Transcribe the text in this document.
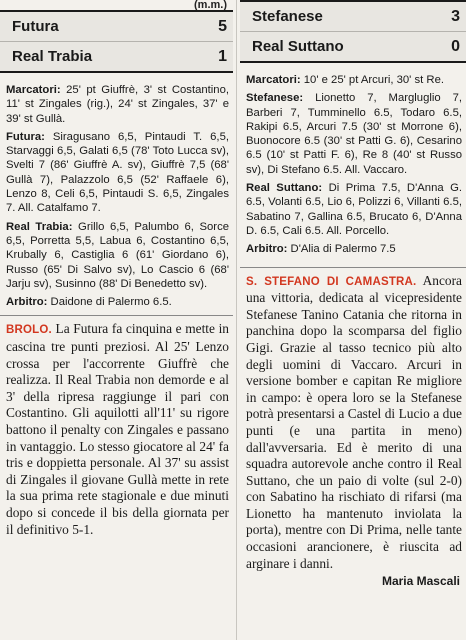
(m.m.)
Futura	5
Real Trabia	1

Marcatori: 25' pt Giuffrè, 3' st Costantino, 11' st Zingales (rig.), 24' st Zingales, 37' e 39' st Gullà.

Futura: Siragusano 6,5, Pintaudi T. 6,5, Starvaggi 6,5, Galati 6,5 (78' Toto Lucca sv), Svelti 7 (86' Giuffrè A. sv), Giuffrè 7,5 (68' Gullà 7), Palazzolo 6,5 (52' Raffaele 6), Lenzo 8, Celi 6,5, Pintaudi S. 6,5, Zingales 7. All. Catalfamo 7.

Real Trabia: Grillo 6,5, Palumbo 6, Sorce 6,5, Porretta 5,5, Labua 6, Costantino 6,5, Krubally 6, Castiglia 6 (61' Giordano 6), Russo (65' Di Salvo sv), Lo Cascio 6 (68' Jarju sv), Susinno (88' Di Benedetto sv).

Arbitro: Daidone di Palermo 6.5.

BROLO. La Futura fa cinquina e mette in cascina tre punti preziosi. Al 25' Lenzo crossa per l'accorrente Giuffrè che realizza. Il Real Trabia non demorde e al 3' della ripresa raggiunge il pari con Costantino. Gli aquilotti all'11' su rigore battono il penalty con Zingales e passano in vantaggio. Lo stesso giocatore al 24' fa tris e doppietta personale. Al 37' su assist di Zingales il giovane Gullà mette in rete la sua prima rete stagionale e due minuti dopo si concede il bis della giornata per il definitivo 5-1.
Stefanese	3
Real Suttano	0

Marcatori: 10' e 25' pt Arcuri, 30' st Re.

Stefanese: Lionetto 7, Margluglio 7, Barberi 7, Tumminello 6.5, Todaro 6.5, Rakipi 6.5, Arcuri 7.5 (30' st Morrone 6), Buonocore 6.5 (30' st Patti G. 6), Cesarino 6.5 (10' st Patti F. 6), Re 8 (40' st Russo sv), Di Stefano 6.5. All. Vaccaro.

Real Suttano: Di Prima 7.5, D'Anna G. 6.5, Volanti 6.5, Lio 6, Polizzi 6, Villanti 6.5, Sabatino 7, Gallina 6.5, Brucato 6, D'Anna D. 6.5, Cali 6.5. All. Porcello.

Arbitro: D'Alia di Palermo 7.5

S. STEFANO DI CAMASTRA. Ancora una vittoria, dedicata al vicepresidente Stefanese Tanino Catania che ritorna in panchina dopo la scomparsa del figlio Gigi. Grazie al tasso tecnico più alto degli uomini di Vaccaro. Arcuri in versione bomber e capitan Re migliore in campo: è opera loro se la Stefanese potrà presentarsi a Castel di Lucio a due punti (e una partita in meno) dall'avversaria. Ed è merito di una squadra autorevole anche contro il Real Suttano, che un paio di volte (sul 2-0) con Sabatino ha rischiato di rifarsi (ma Lionetto ha mantenuto inviolata la porta), mentre con Di Prima, nelle tante occasioni arancionere, è riuscita ad arginare i danni.
Maria Mascali
